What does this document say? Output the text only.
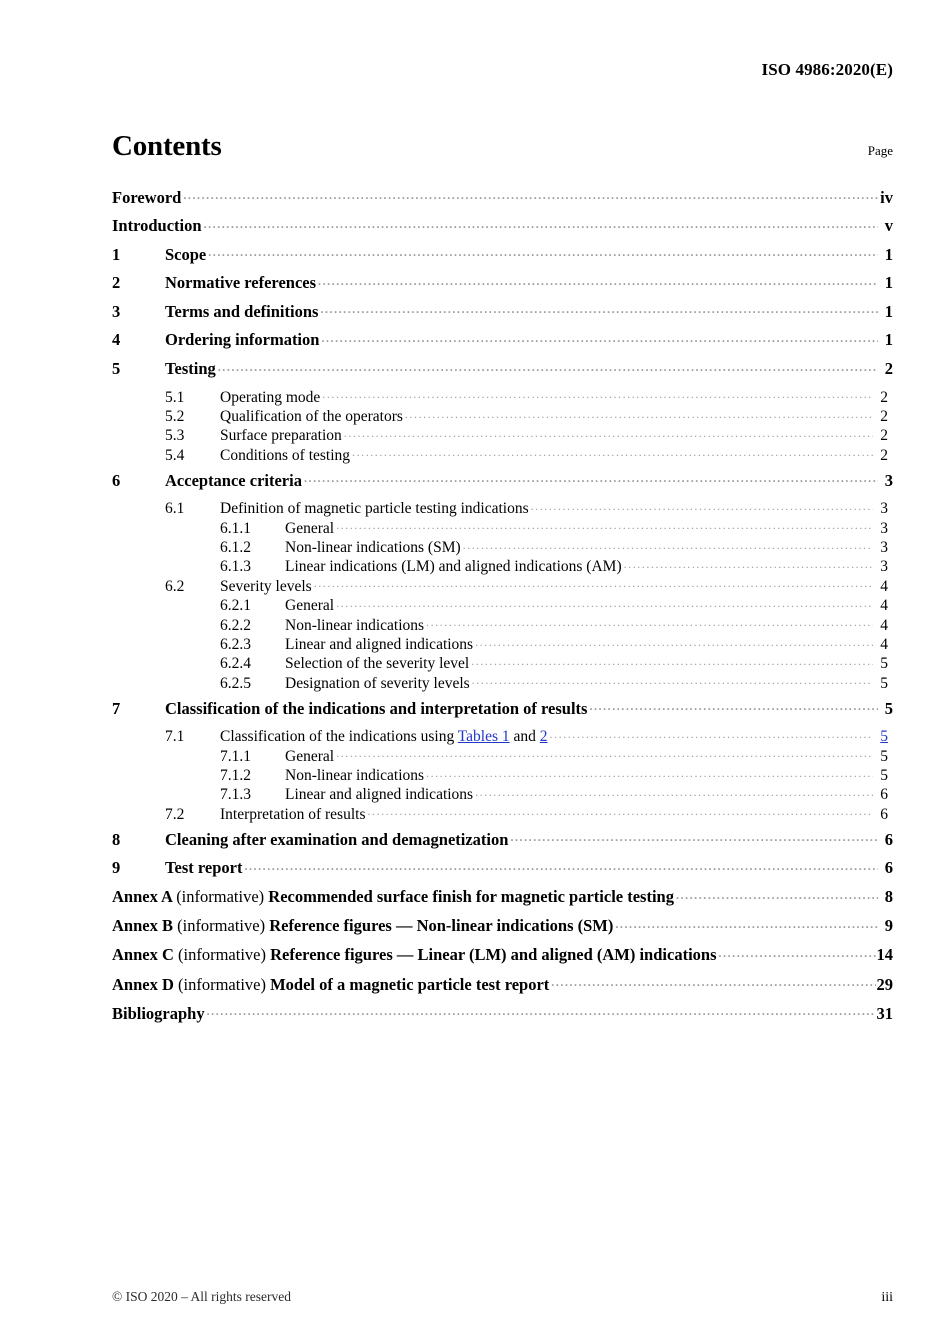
ISO 4986:2020(E)
Contents	Page
Foreword .....	iv
Introduction .....	v
1	Scope .....	1
2	Normative references .....	1
3	Terms and definitions .....	1
4	Ordering information .....	1
5	Testing .....	2
5.1	Operating mode .....	2
5.2	Qualification of the operators .....	2
5.3	Surface preparation .....	2
5.4	Conditions of testing .....	2
6	Acceptance criteria .....	3
6.1	Definition of magnetic particle testing indications .....	3
6.1.1	General .....	3
6.1.2	Non-linear indications (SM) .....	3
6.1.3	Linear indications (LM) and aligned indications (AM) .....	3
6.2	Severity levels .....	4
6.2.1	General .....	4
6.2.2	Non-linear indications .....	4
6.2.3	Linear and aligned indications .....	4
6.2.4	Selection of the severity level .....	5
6.2.5	Designation of severity levels .....	5
7	Classification of the indications and interpretation of results .....	5
7.1	Classification of the indications using Tables 1 and 2 .....	5
7.1.1	General .....	5
7.1.2	Non-linear indications .....	5
7.1.3	Linear and aligned indications .....	6
7.2	Interpretation of results .....	6
8	Cleaning after examination and demagnetization .....	6
9	Test report .....	6
Annex A (informative) Recommended surface finish for magnetic particle testing .....	8
Annex B (informative) Reference figures — Non-linear indications (SM) .....	9
Annex C (informative) Reference figures — Linear (LM) and aligned (AM) indications .....	14
Annex D (informative) Model of a magnetic particle test report .....	29
Bibliography .....	31
© ISO 2020 – All rights reserved	iii
